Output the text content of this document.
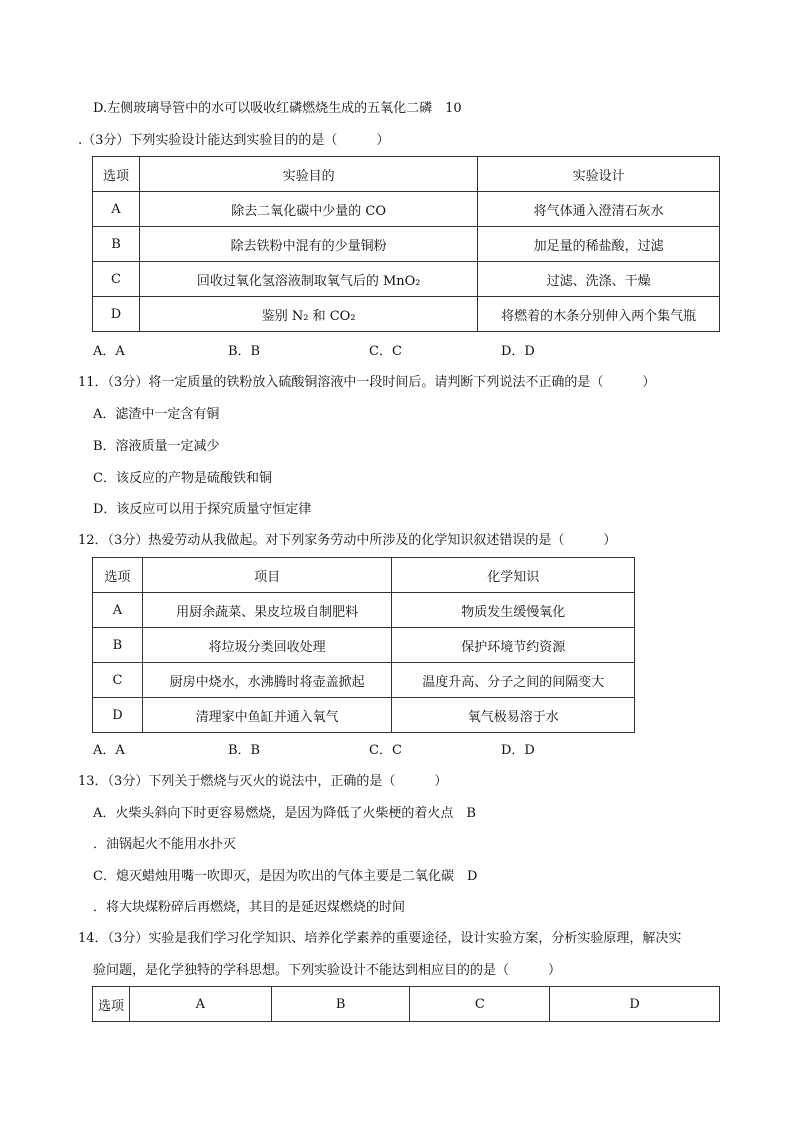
D.左侧玻璃导管中的水可以吸收红磷燃烧生成的五氧化二磷　10
.（3分）下列实验设计能达到实验目的的是（　　　）
选项	实验目的	实验设计
A	除去二氧化碳中少量的 CO	将气体通入澄清石灰水
B	除去铁粉中混有的少量铜粉	加足量的稀盐酸，过滤
C	回收过氧化氢溶液制取氧气后的 MnO₂	过滤、洗涤、干燥
D	鉴别 N₂ 和 CO₂	将燃着的木条分别伸入两个集气瓶
A．A	B．B	C．C	D．D
11．（3分）将一定质量的铁粉放入硫酸铜溶液中一段时间后。请判断下列说法不正确的是（　　　）
A．滤渣中一定含有铜
B．溶液质量一定减少
C．该反应的产物是硫酸铁和铜
D．该反应可以用于探究质量守恒定律
12．（3分）热爱劳动从我做起。对下列家务劳动中所涉及的化学知识叙述错误的是（　　　）
选项	项目	化学知识
A	用厨余蔬菜、果皮垃圾自制肥料	物质发生缓慢氧化
B	将垃圾分类回收处理	保护环境节约资源
C	厨房中烧水，水沸腾时将壶盖掀起	温度升高、分子之间的间隔变大
D	清理家中鱼缸并通入氧气	氧气极易溶于水
A．A	B．B	C．C	D．D
13．（3分）下列关于燃烧与灭火的说法中，正确的是（　　　）
A．火柴头斜向下时更容易燃烧，是因为降低了火柴梗的着火点　B
．油锅起火不能用水扑灭
C．熄灭蜡烛用嘴一吹即灭，是因为吹出的气体主要是二氧化碳　D
．将大块煤粉碎后再燃烧，其目的是延迟煤燃烧的时间
14．（3分）实验是我们学习化学知识、培养化学素养的重要途径，设计实验方案，分析实验原理，解决实
验问题，是化学独特的学科思想。下列实验设计不能达到相应目的的是（　　　）
选项	A	B	C	D
